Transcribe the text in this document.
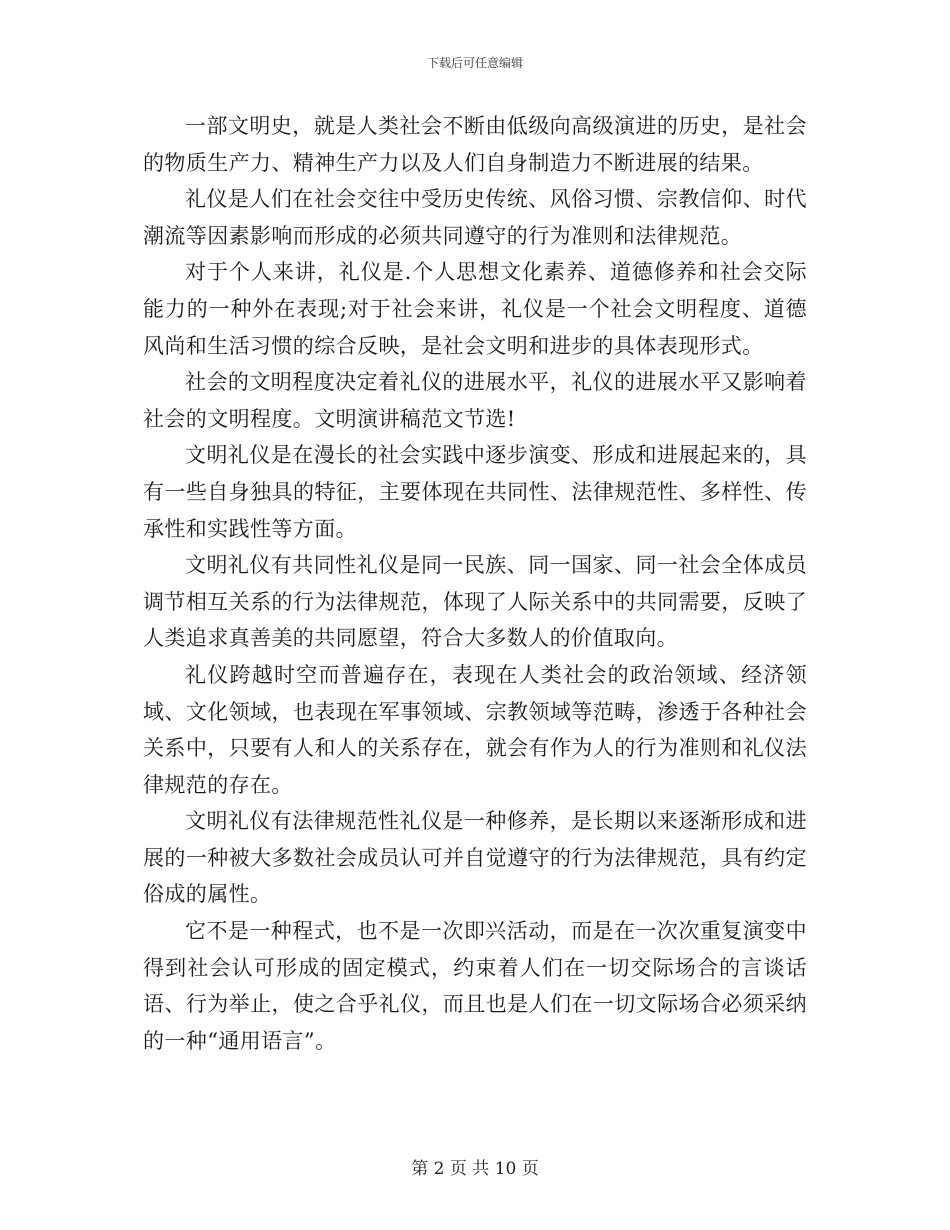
下载后可任意编辑

一部文明史，就是人类社会不断由低级向高级演进的历史，是社会的物质生产力、精神生产力以及人们自身制造力不断进展的结果。

礼仪是人们在社会交往中受历史传统、风俗习惯、宗教信仰、时代潮流等因素影响而形成的必须共同遵守的行为准则和法律规范。

对于个人来讲，礼仪是.个人思想文化素养、道德修养和社会交际能力的一种外在表现;对于社会来讲，礼仪是一个社会文明程度、道德风尚和生活习惯的综合反映，是社会文明和进步的具体表现形式。

社会的文明程度决定着礼仪的进展水平，礼仪的进展水平又影响着社会的文明程度。文明演讲稿范文节选!

文明礼仪是在漫长的社会实践中逐步演变、形成和进展起来的，具有一些自身独具的特征，主要体现在共同性、法律规范性、多样性、传承性和实践性等方面。

文明礼仪有共同性礼仪是同一民族、同一国家、同一社会全体成员调节相互关系的行为法律规范，体现了人际关系中的共同需要，反映了人类追求真善美的共同愿望，符合大多数人的价值取向。

礼仪跨越时空而普遍存在，表现在人类社会的政治领域、经济领域、文化领域，也表现在军事领域、宗教领域等范畴，渗透于各种社会关系中，只要有人和人的关系存在，就会有作为人的行为准则和礼仪法律规范的存在。

文明礼仪有法律规范性礼仪是一种修养，是长期以来逐渐形成和进展的一种被大多数社会成员认可并自觉遵守的行为法律规范，具有约定俗成的属性。

它不是一种程式，也不是一次即兴活动，而是在一次次重复演变中得到社会认可形成的固定模式，约束着人们在一切交际场合的言谈话语、行为举止，使之合乎礼仪，而且也是人们在一切文际场合必须采纳的一种“通用语言”。

第 2 页 共 10 页
